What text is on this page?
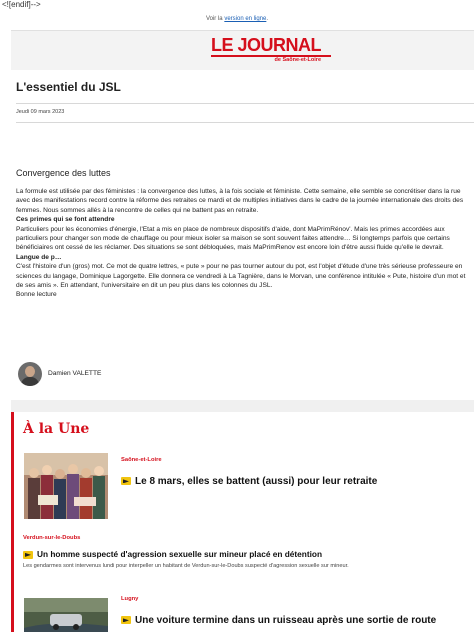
<![endif]-->
Voir la version en ligne.
LE JOURNAL
de Saône-et-Loire
L'essentiel du JSL
Jeudi 09 mars 2023
Convergence des luttes
La formule est utilisée par des féministes : la convergence des luttes, à la fois sociale et féministe. Cette semaine, elle semble se concrétiser dans la rue
avec des manifestations record contre la réforme des retraites ce mardi et de multiples initiatives dans le cadre de la journée internationale des droits des
femmes. Nous sommes allés à la rencontre de celles qui ne battent pas en retraite.
Ces primes qui se font attendre
Particuliers pour les économies d'énergie, l'Etat a mis en place de nombreux dispositifs d'aide, dont MaPrimRénov'. Mais les primes accordées aux
particuliers pour changer son mode de chauffage ou pour mieux isoler sa maison se sont souvent faites attendre… Si longtemps parfois que certains
bénéficiaires ont cessé de les réclamer. Des situations se sont débloquées, mais MaPrimRenov est encore loin d'être aussi fluide qu'elle le devrait.
Langue de p…
C'est l'histoire d'un (gros) mot. Ce mot de quatre lettres, « pute » pour ne pas tourner autour du pot, est l'objet d'étude d'une très sérieuse professeure en
sciences du langage, Dominique Lagorgette. Elle donnera ce vendredi à La Tagnière, dans le Morvan, une conférence intitulée « Pute, histoire d'un mot et
de ses amis ». En attendant, l'universitaire en dit un peu plus dans les colonnes du JSL.
Bonne lecture
Damien VALETTE
À la Une
Saône-et-Loire
Le 8 mars, elles se battent (aussi) pour leur retraite
Verdun-sur-le-Doubs
Un homme suspecté d'agression sexuelle sur mineur placé en détention
Les gendarmes sont intervenus lundi pour interpeller un habitant de Verdun-sur-le-Doubs suspecté d'agression sexuelle sur mineur.
Lugny
Une voiture termine dans un ruisseau après une sortie de route
